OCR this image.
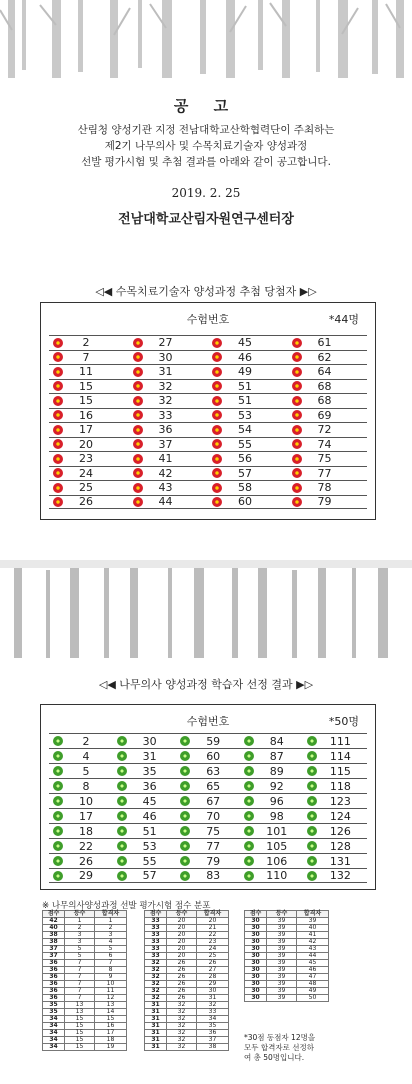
공 고
산림청 양성기관 지정 전남대학교산학협력단이 주최하는
제2기 나무의사 및 수목치료기술자 양성과정
선발 평가시험 및 추첨 결과를 아래와 같이 공고합니다.
2019. 2. 25
전남대학교산림자원연구센터장
◁◀ 수목치료기술자 양성과정 추첨 당첨자 ▶▷
수험번호	*44명
2	27	45	61
7	30	46	62
11	31	49	64
15	32	51	68
15	32	51	68
16	33	53	69
17	36	54	72
20	37	55	74
23	41	56	75
24	42	57	77
25	43	58	78
26	44	60	79
◁◀ 나무의사 양성과정 학습자 선정 결과 ▶▷
수험번호	*50명
2	30	59	84	111
4	31	60	87	114
5	35	63	89	115
8	36	65	92	118
10	45	67	96	123
17	46	70	98	124
18	51	75	101	126
22	53	77	105	128
26	55	79	106	131
29	57	83	110	132
※ 나무의사양성과정 선발 평가시험 점수 분포
점수	등수	합격자
42	1	1
40	2	2
38	3	3
38	3	4
37	5	5
37	5	6
36	7	7
36	7	8
36	7	9
36	7	10
36	7	11
36	7	12
35	13	13
35	13	14
34	15	15
34	15	16
34	15	17
34	15	18
34	15	19
점수	등수	합격자
33	20	20
33	20	21
33	20	22
33	20	23
33	20	24
33	20	25
32	26	26
32	26	27
32	26	28
32	26	29
32	26	30
32	26	31
31	32	32
31	32	33
31	32	34
31	32	35
31	32	36
31	32	37
31	32	38
점수	등수	합격자
30	39	39
30	39	40
30	39	41
30	39	42
30	39	43
30	39	44
30	39	45
30	39	46
30	39	47
30	39	48
30	39	49
30	39	50
*30점 동점자 12명을 모두 합격자로 선정하여 총 50명입니다.
